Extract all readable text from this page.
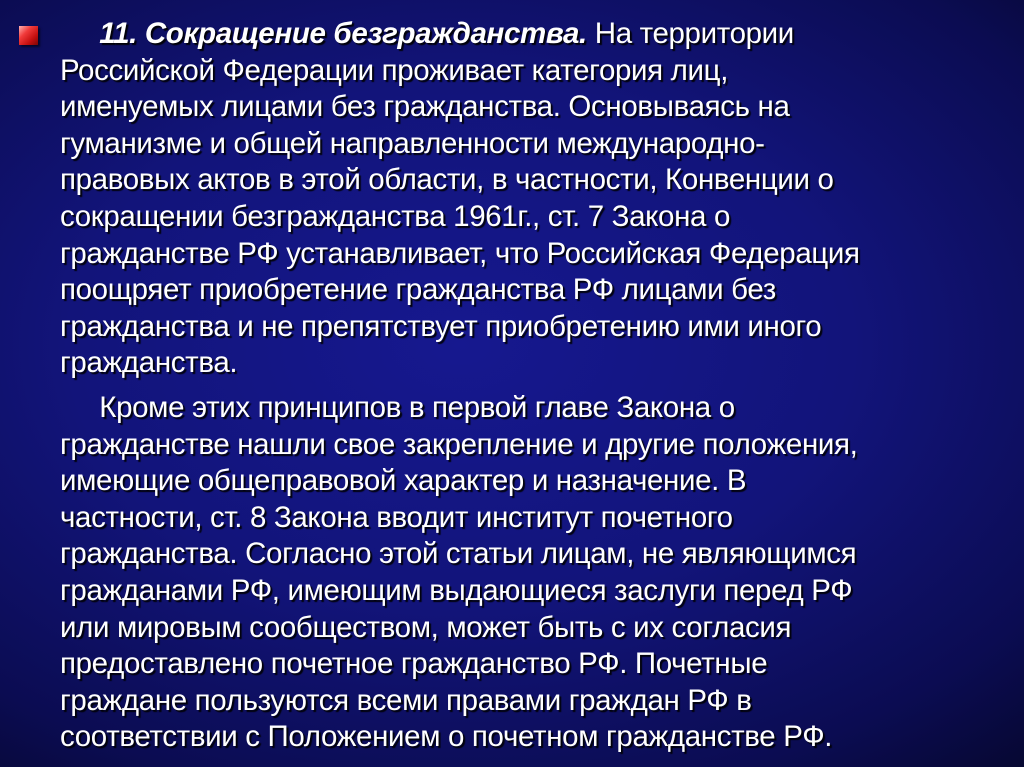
11. Сокращение безгражданства. На территории
Российской Федерации проживает категория лиц,
именуемых лицами без гражданства. Основываясь на
гуманизме и общей направленности международно-
правовых актов в этой области, в частности, Конвенции о
сокращении безгражданства 1961г., ст. 7 Закона о
гражданстве РФ устанавливает, что Российская Федерация
поощряет приобретение гражданства РФ лицами без
гражданства и не препятствует приобретению ими иного
гражданства.
Кроме этих принципов в первой главе Закона о
гражданстве нашли свое закрепление и другие положения,
имеющие общеправовой характер и назначение. В
частности, ст. 8 Закона вводит институт почетного
гражданства. Согласно этой статьи лицам, не являющимся
гражданами РФ, имеющим выдающиеся заслуги перед РФ
или мировым сообществом, может быть с их согласия
предоставлено почетное гражданство РФ. Почетные
граждане пользуются всеми правами граждан РФ в
соответствии с Положением о почетном гражданстве РФ.
